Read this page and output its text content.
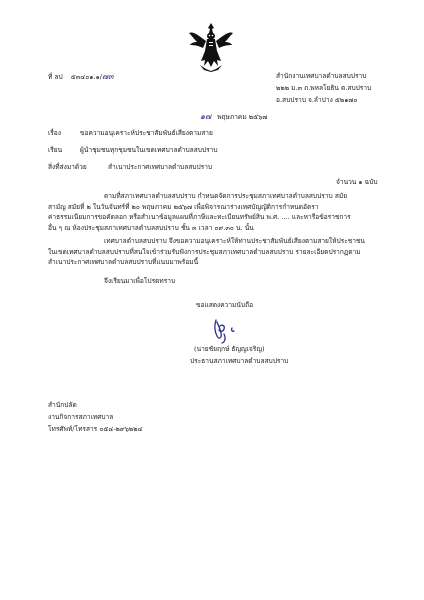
ที่ ลป ๕๓๔๐๑.๑/๗๓	สำนักงานเทศบาลตำบลสบปราบ
๒๒๒ ม.๓ ถ.พหลโยธิน ต.สบปราบ
อ.สบปราบ จ.ลำปาง ๕๒๑๗๐
๑๗ พฤษภาคม ๒๕๖๗
เรื่อง	ขอความอนุเคราะห์ประชาสัมพันธ์เสียงตามสาย
เรียน	ผู้นำชุมชนทุกชุมชนในเขตเทศบาลตำบลสบปราบ
สิ่งที่ส่งมาด้วย	สำเนาประกาศเทศบาลตำบลสบปราบ
จำนวน ๑ ฉบับ
ตามที่สภาเทศบาลตำบลสบปราบ กำหนดจัดการประชุมสภาเทศบาลตำบลสบปราบ สมัย
สามัญ สมัยที่ ๒ ในวันจันทร์ที่ ๒๐ พฤษภาคม ๒๕๖๗ เพื่อพิจารณาร่างเทศบัญญัติการกำหนดอัตรา
ค่าธรรมเนียมการขอคัดลอก หรือสำเนาข้อมูลแผนที่ภาษีและทะเบียนทรัพย์สิน พ.ศ. .... และหารือข้อราชการ
อื่น ๆ ณ ห้องประชุมสภาเทศบาลตำบลสบปราบ ชั้น ๓ เวลา ๐๙.๓๐ น. นั้น
เทศบาลตำบลสบปราบ จึงขอความอนุเคราะห์ให้ท่านประชาสัมพันธ์เสียงตามสายให้ประชาชน
ในเขตเทศบาลตำบลสบปราบที่สนใจเข้าร่วมรับฟังการประชุมสภาเทศบาลตำบลสบปราบ รายละเอียดปรากฏตาม
สำเนาประกาศเทศบาลตำบลสบปราบที่แนบมาพร้อมนี้
จึงเรียนมาเพื่อโปรดทราบ
ขอแสดงความนับถือ
(นายชัยฤกษ์ ธัญญเจริญ)
ประธานสภาเทศบาลตำบลสบปราบ
สำนักปลัด
งานกิจการสภาเทศบาล
โทรศัพท์/โทรสาร ๐๕๔-๒๙๖๒๒๔
